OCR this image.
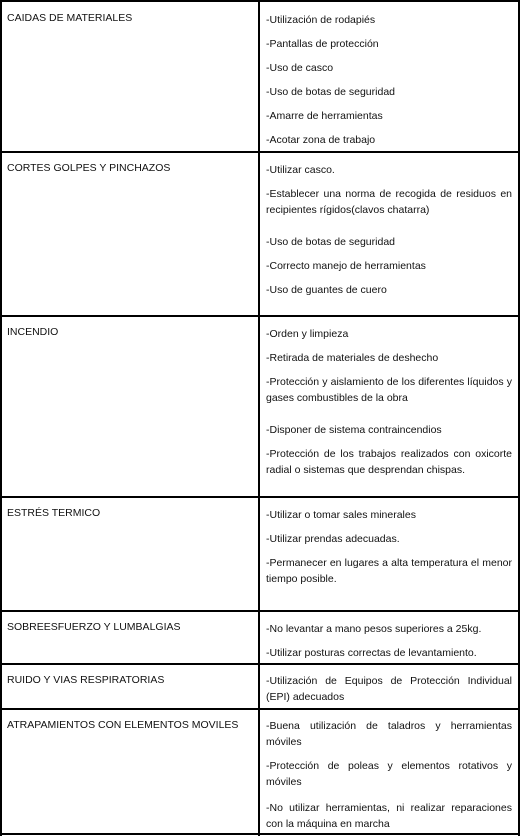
CAIDAS DE MATERIALES	-Utilización de rodapiés
-Pantallas de protección
-Uso de casco
-Uso de botas de seguridad
-Amarre de herramientas
-Acotar zona de trabajo
CORTES GOLPES Y PINCHAZOS	-Utilizar casco.
-Establecer una norma de recogida de residuos en recipientes rígidos(clavos chatarra)
-Uso de botas de seguridad
-Correcto manejo de herramientas
-Uso de guantes de cuero
INCENDIO	-Orden y limpieza
-Retirada de materiales de deshecho
-Protección y aislamiento de los diferentes líquidos y gases combustibles de la obra
-Disponer de sistema contraincendios
-Protección de los trabajos realizados con oxicorte radial o sistemas que desprendan chispas.
ESTRÉS TERMICO	-Utilizar o tomar sales minerales
-Utilizar prendas adecuadas.
-Permanecer en lugares a alta temperatura el menor tiempo posible.
SOBREESFUERZO Y LUMBALGIAS	-No levantar a mano pesos superiores a 25kg.
-Utilizar posturas correctas de levantamiento.
RUIDO Y VIAS RESPIRATORIAS	-Utilización de Equipos de Protección Individual (EPI) adecuados
ATRAPAMIENTOS CON ELEMENTOS MOVILES	-Buena utilización de taladros y herramientas móviles
-Protección de poleas y elementos rotativos y móviles
-No utilizar herramientas, ni realizar reparaciones con la máquina en marcha
